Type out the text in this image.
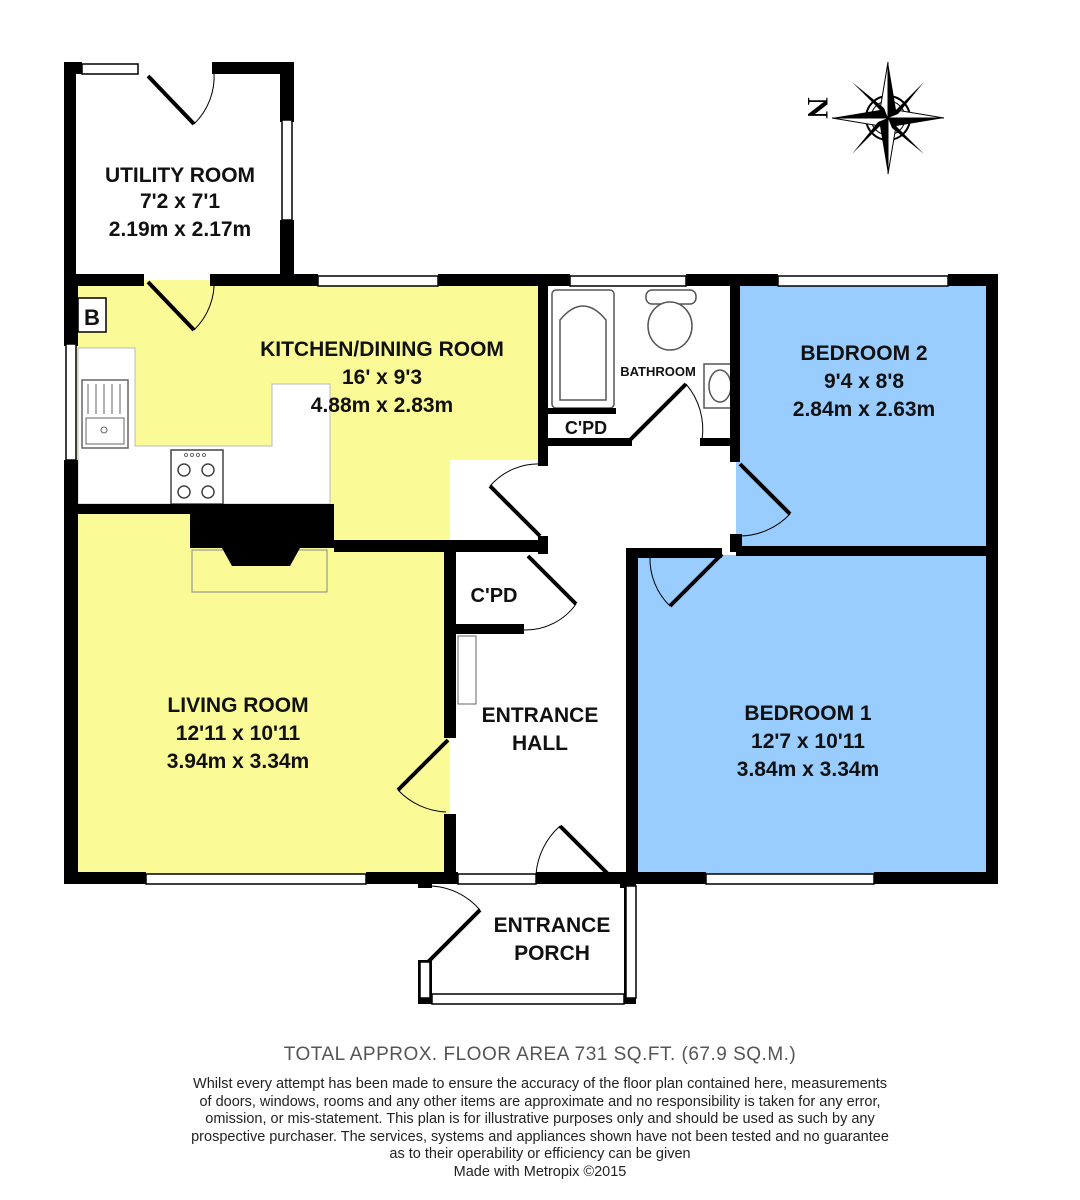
B
N
UTILITY ROOM
7'2 x 7'1
2.19m x 2.17m
KITCHEN/DINING ROOM
16' x 9'3
4.88m x 2.83m
LIVING ROOM
12'11 x 10'11
3.94m x 3.34m
BEDROOM 2
9'4 x 8'8
2.84m x 2.63m
BEDROOM 1
12'7 x 10'11
3.84m x 3.34m
ENTRANCE
HALL
ENTRANCE
PORCH
BATHROOM
C'PD
C'PD
TOTAL APPROX. FLOOR AREA 731 SQ.FT. (67.9 SQ.M.)
Whilst every attempt has been made to ensure the accuracy of the floor plan contained here, measurements
of doors, windows, rooms and any other items are approximate and no responsibility is taken for any error,
omission, or mis-statement. This plan is for illustrative purposes only and should be used as such by any
prospective purchaser. The services, systems and appliances shown have not been tested and no guarantee
as to their operability or efficiency can be given
Made with Metropix ©2015
